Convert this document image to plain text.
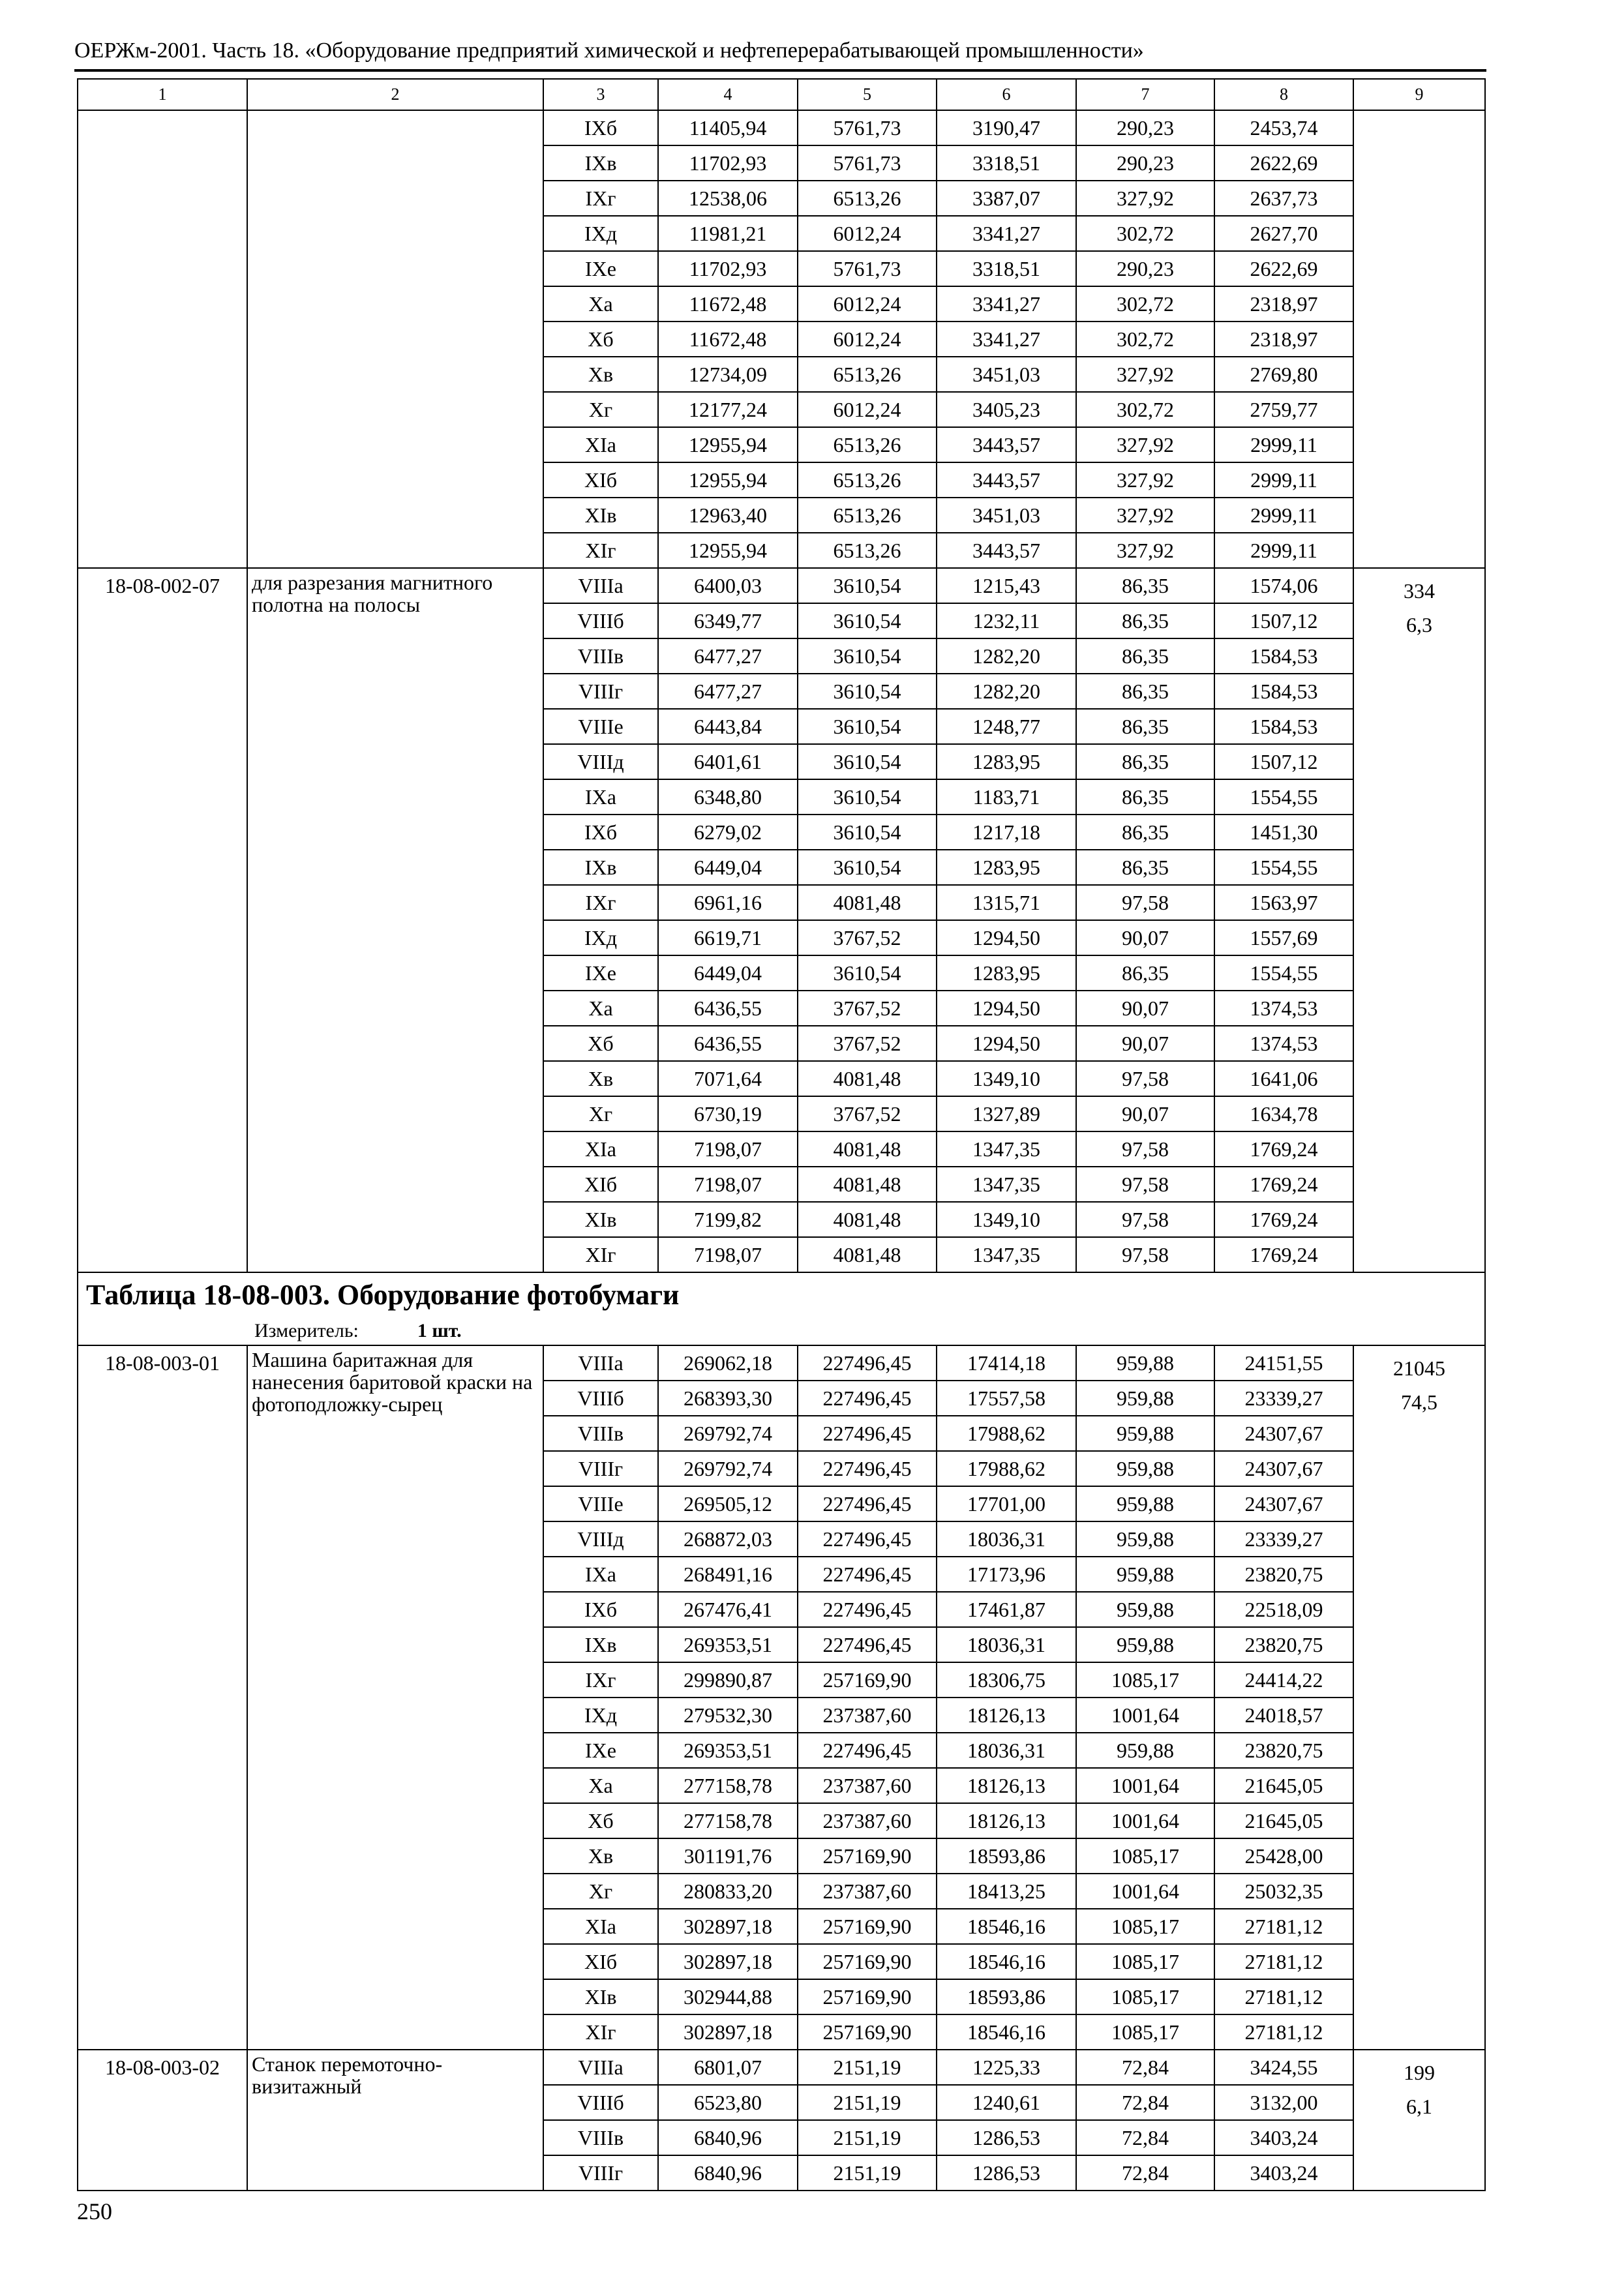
ОЕРЖм-2001. Часть 18. «Оборудование предприятий химической и нефтеперерабатывающей промышленности»
1	2	3	4	5	6	7	8	9
		IXб	11405,94	5761,73	3190,47	290,23	2453,74	
		IXв	11702,93	5761,73	3318,51	290,23	2622,69	
		IXг	12538,06	6513,26	3387,07	327,92	2637,73	
		IXд	11981,21	6012,24	3341,27	302,72	2627,70	
		IXе	11702,93	5761,73	3318,51	290,23	2622,69	
		Xа	11672,48	6012,24	3341,27	302,72	2318,97	
		Xб	11672,48	6012,24	3341,27	302,72	2318,97	
		Xв	12734,09	6513,26	3451,03	327,92	2769,80	
		Xг	12177,24	6012,24	3405,23	302,72	2759,77	
		XIа	12955,94	6513,26	3443,57	327,92	2999,11	
		XIб	12955,94	6513,26	3443,57	327,92	2999,11	
		XIв	12963,40	6513,26	3451,03	327,92	2999,11	
		XIг	12955,94	6513,26	3443,57	327,92	2999,11	
18-08-002-07	для разрезания магнитного полотна на полосы	VIIIа	6400,03	3610,54	1215,43	86,35	1574,06	334
6,3

		VIIIб	6349,77	3610,54	1232,11	86,35	1507,12	
		VIIIв	6477,27	3610,54	1282,20	86,35	1584,53	
		VIIIг	6477,27	3610,54	1282,20	86,35	1584,53	
		VIIIе	6443,84	3610,54	1248,77	86,35	1584,53	
		VIIIд	6401,61	3610,54	1283,95	86,35	1507,12	
		IXа	6348,80	3610,54	1183,71	86,35	1554,55	
		IXб	6279,02	3610,54	1217,18	86,35	1451,30	
		IXв	6449,04	3610,54	1283,95	86,35	1554,55	
		IXг	6961,16	4081,48	1315,71	97,58	1563,97	
		IXд	6619,71	3767,52	1294,50	90,07	1557,69	
		IXе	6449,04	3610,54	1283,95	86,35	1554,55	
		Xа	6436,55	3767,52	1294,50	90,07	1374,53	
		Xб	6436,55	3767,52	1294,50	90,07	1374,53	
		Xв	7071,64	4081,48	1349,10	97,58	1641,06	
		Xг	6730,19	3767,52	1327,89	90,07	1634,78	
		XIа	7198,07	4081,48	1347,35	97,58	1769,24	
		XIб	7198,07	4081,48	1347,35	97,58	1769,24	
		XIв	7199,82	4081,48	1349,10	97,58	1769,24	
		XIг	7198,07	4081,48	1347,35	97,58	1769,24	
Таблица 18-08-003. Оборудование фотобумаги								
Измеритель: 1 шт.								
18-08-003-01	Машина баритажная для нанесения баритовой краски на фотоподложку-сырец	VIIIа	269062,18	227496,45	17414,18	959,88	24151,55	21045
74,5

		VIIIб	268393,30	227496,45	17557,58	959,88	23339,27	
		VIIIв	269792,74	227496,45	17988,62	959,88	24307,67	
		VIIIг	269792,74	227496,45	17988,62	959,88	24307,67	
		VIIIе	269505,12	227496,45	17701,00	959,88	24307,67	
		VIIIд	268872,03	227496,45	18036,31	959,88	23339,27	
		IXа	268491,16	227496,45	17173,96	959,88	23820,75	
		IXб	267476,41	227496,45	17461,87	959,88	22518,09	
		IXв	269353,51	227496,45	18036,31	959,88	23820,75	
		IXг	299890,87	257169,90	18306,75	1085,17	24414,22	
		IXд	279532,30	237387,60	18126,13	1001,64	24018,57	
		IXе	269353,51	227496,45	18036,31	959,88	23820,75	
		Xа	277158,78	237387,60	18126,13	1001,64	21645,05	
		Xб	277158,78	237387,60	18126,13	1001,64	21645,05	
		Xв	301191,76	257169,90	18593,86	1085,17	25428,00	
		Xг	280833,20	237387,60	18413,25	1001,64	25032,35	
		XIа	302897,18	257169,90	18546,16	1085,17	27181,12	
		XIб	302897,18	257169,90	18546,16	1085,17	27181,12	
		XIв	302944,88	257169,90	18593,86	1085,17	27181,12	
		XIг	302897,18	257169,90	18546,16	1085,17	27181,12	
18-08-003-02	Станок перемоточно-визитажный	VIIIа	6801,07	2151,19	1225,33	72,84	3424,55	199
6,1

		VIIIб	6523,80	2151,19	1240,61	72,84	3132,00	
		VIIIв	6840,96	2151,19	1286,53	72,84	3403,24	
		VIIIг	6840,96	2151,19	1286,53	72,84	3403,24	
250
